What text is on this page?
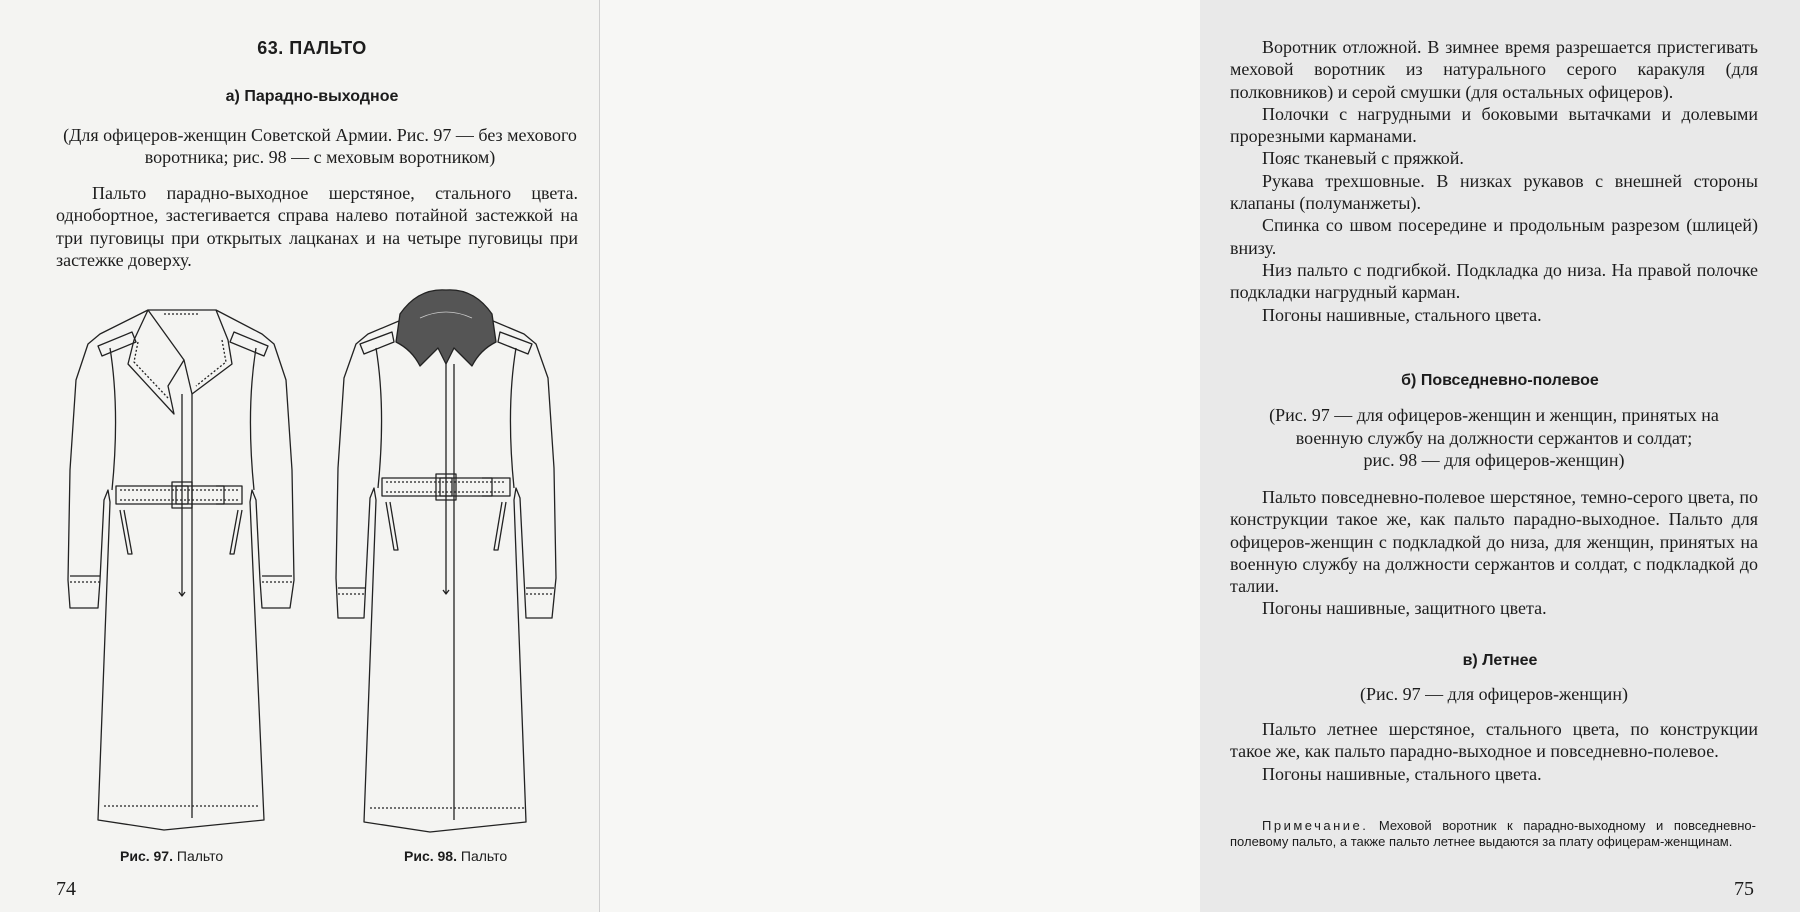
63. ПАЛЬТО
а) Парадно-выходное
(Для офицеров-женщин Советской Армии. Рис. 97 — без мехового воротника; рис. 98 — с меховым воротником)

Пальто парадно-выходное шерстяное, стального цвета. однобортное, застегивается справа налево потайной застежкой на три пуговицы при открытых лацканах и на четыре пуговицы при застежке доверху.

Рис. 97. Пальто	Рис. 98. Пальто
74

Воротник отложной. В зимнее время разрешается пристегивать меховой воротник из натурального серого каракуля (для полковников) и серой смушки (для остальных офицеров).

Полочки с нагрудными и боковыми вытачками и долевыми прорезными карманами.

Пояс тканевый с пряжкой.

Рукава трехшовные. В низках рукавов с внешней стороны клапаны (полуманжеты).

Спинка со швом посередине и продольным разрезом (шлицей) внизу.

Низ пальто с подгибкой. Подкладка до низа. На правой полочке подкладки нагрудный карман.

Погоны нашивные, стального цвета.

б) Повседневно-полевое
(Рис. 97 — для офицеров-женщин и женщин, принятых на
военную службу на должности сержантов и солдат;
рис. 98 — для офицеров-женщин)

Пальто повседневно-полевое шерстяное, темно-серого цвета, по конструкции такое же, как пальто парадно-выходное. Пальто для офицеров-женщин с подкладкой до низа, для женщин, принятых на военную службу на должности сержантов и солдат, с подкладкой до талии.

Погоны нашивные, защитного цвета.

в) Летнее
(Рис. 97 — для офицеров-женщин)

Пальто летнее шерстяное, стального цвета, по конструкции такое же, как пальто парадно-выходное и повседневно-полевое.

Погоны нашивные, стального цвета.

Примечание. Меховой воротник к парадно-выходному и повседневно-полевому пальто, а также пальто летнее выдаются за плату офицерам-женщинам.
75
